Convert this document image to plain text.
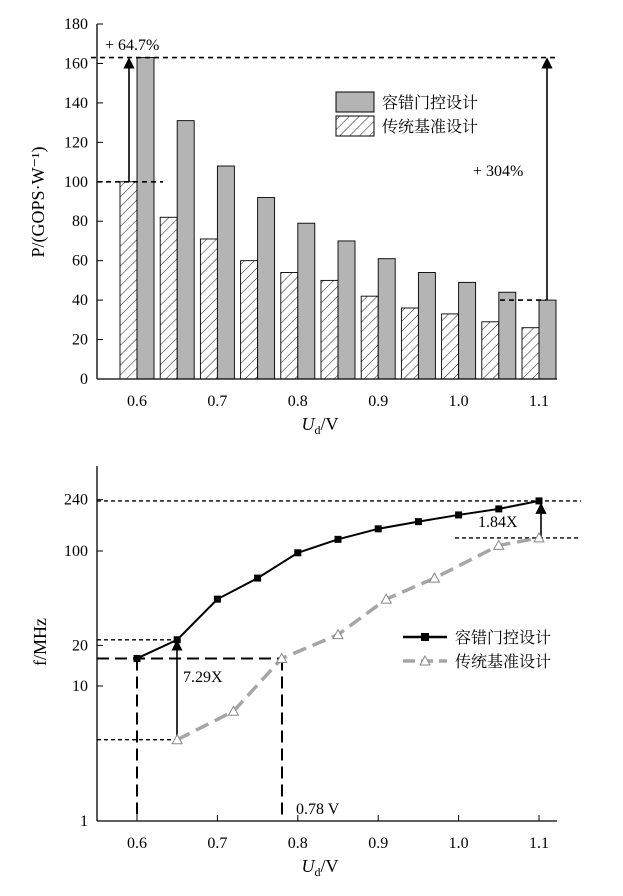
0
20
40
60
80
100
120
140
160
180
0.6	0.7	0.8	0.9	1.0	1.1
+ 64.7%
+ 304%
容错门控设计
传统基准设计
P/(GOPS·W⁻¹)
$U_d/V$
1
10
20
100
240
0.6	0.7	0.8	0.9	1.0	1.1
7.29X
1.84X
0.78 V
容错门控设计
传统基准设计
f/MHz
$U_d/V$
